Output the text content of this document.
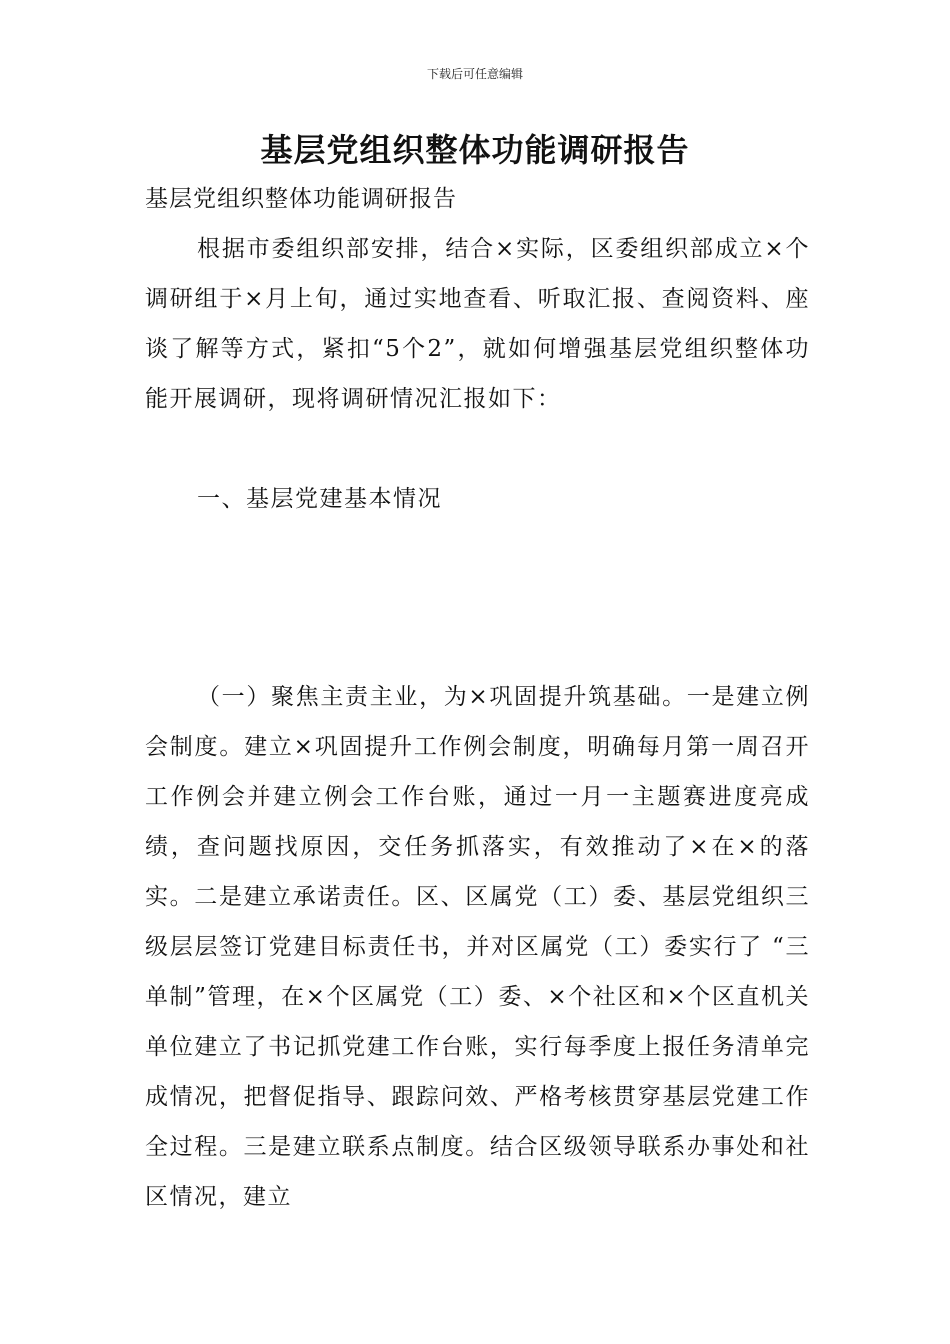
下载后可任意编辑
基层党组织整体功能调研报告
基层党组织整体功能调研报告

根据市委组织部安排，结合×实际，区委组织部成立×个调研组于×月上旬，通过实地查看、听取汇报、查阅资料、座谈了解等方式，紧扣“5个2”，就如何增强基层党组织整体功能开展调研，现将调研情况汇报如下：

一、基层党建基本情况

（一）聚焦主责主业，为×巩固提升筑基础。一是建立例会制度。建立×巩固提升工作例会制度，明确每月第一周召开工作例会并建立例会工作台账，通过一月一主题赛进度亮成绩，查问题找原因，交任务抓落实，有效推动了×在×的落实。二是建立承诺责任。区、区属党（工）委、基层党组织三级层层签订党建目标责任书，并对区属党（工）委实行了 “三单制”管理，在×个区属党（工）委、×个社区和×个区直机关单位建立了书记抓党建工作台账，实行每季度上报任务清单完成情况，把督促指导、跟踪问效、严格考核贯穿基层党建工作全过程。三是建立联系点制度。结合区级领导联系办事处和社区情况，建立
